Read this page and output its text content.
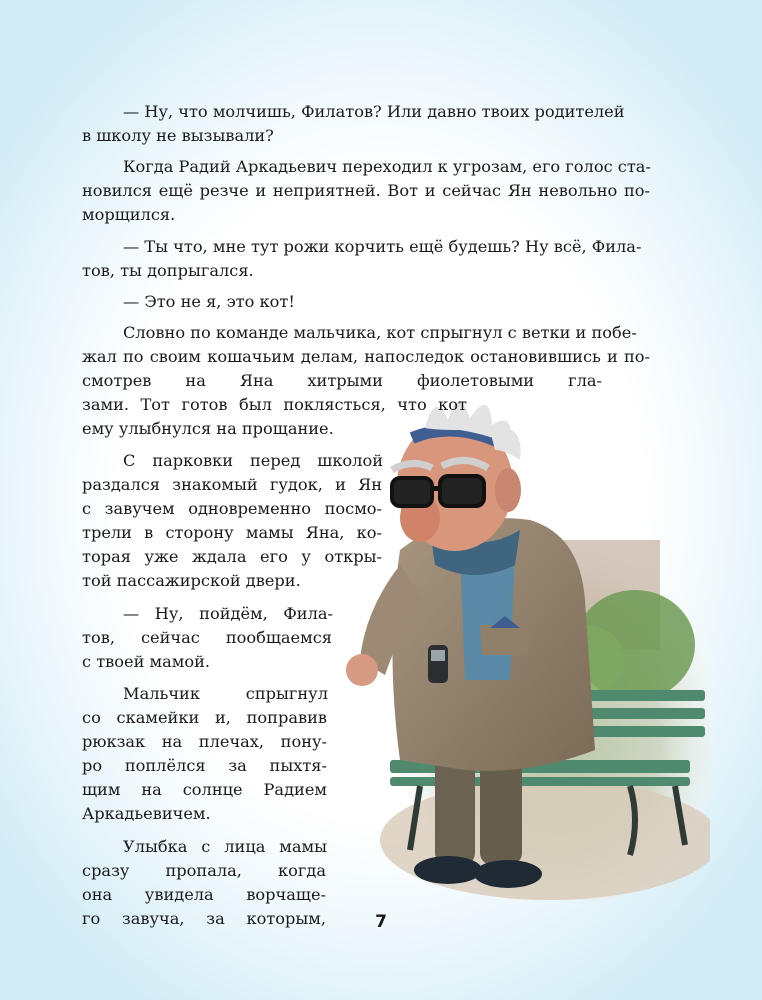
— Ну, что молчишь, Филатов? Или давно твоих родителей
в школу не вызывали?
Когда Радий Аркадьевич переходил к угрозам, его голос ста-
новился ещё резче и неприятней. Вот и сейчас Ян невольно по-
морщился.
— Ты что, мне тут рожи корчить ещё будешь? Ну всё, Фила-
тов, ты допрыгался.
— Это не я, это кот!
Словно по команде мальчика, кот спрыгнул с ветки и побе-
жал по своим кошачьим делам, напоследок остановившись и по-
смотрев на Яна хитрыми фиолетовыми гла-
зами. Тот готов был поклясться, что кот
ему улыбнулся на прощание.
С парковки перед школой
раздался знакомый гудок, и Ян
с завучем одновременно посмо-
трели в сторону мамы Яна, ко-
торая уже ждала его у откры-
той пассажирской двери.
— Ну, пойдём, Фила-
тов, сейчас пообщаемся
с твоей мамой.
Мальчик спрыгнул
со скамейки и, поправив
рюкзак на плечах, пону-
ро поплёлся за пыхтя-
щим на солнце Радием
Аркадьевичем.
Улыбка с лица мамы
сразу пропала, когда
она увидела ворчаще-
го завуча, за которым,	7
